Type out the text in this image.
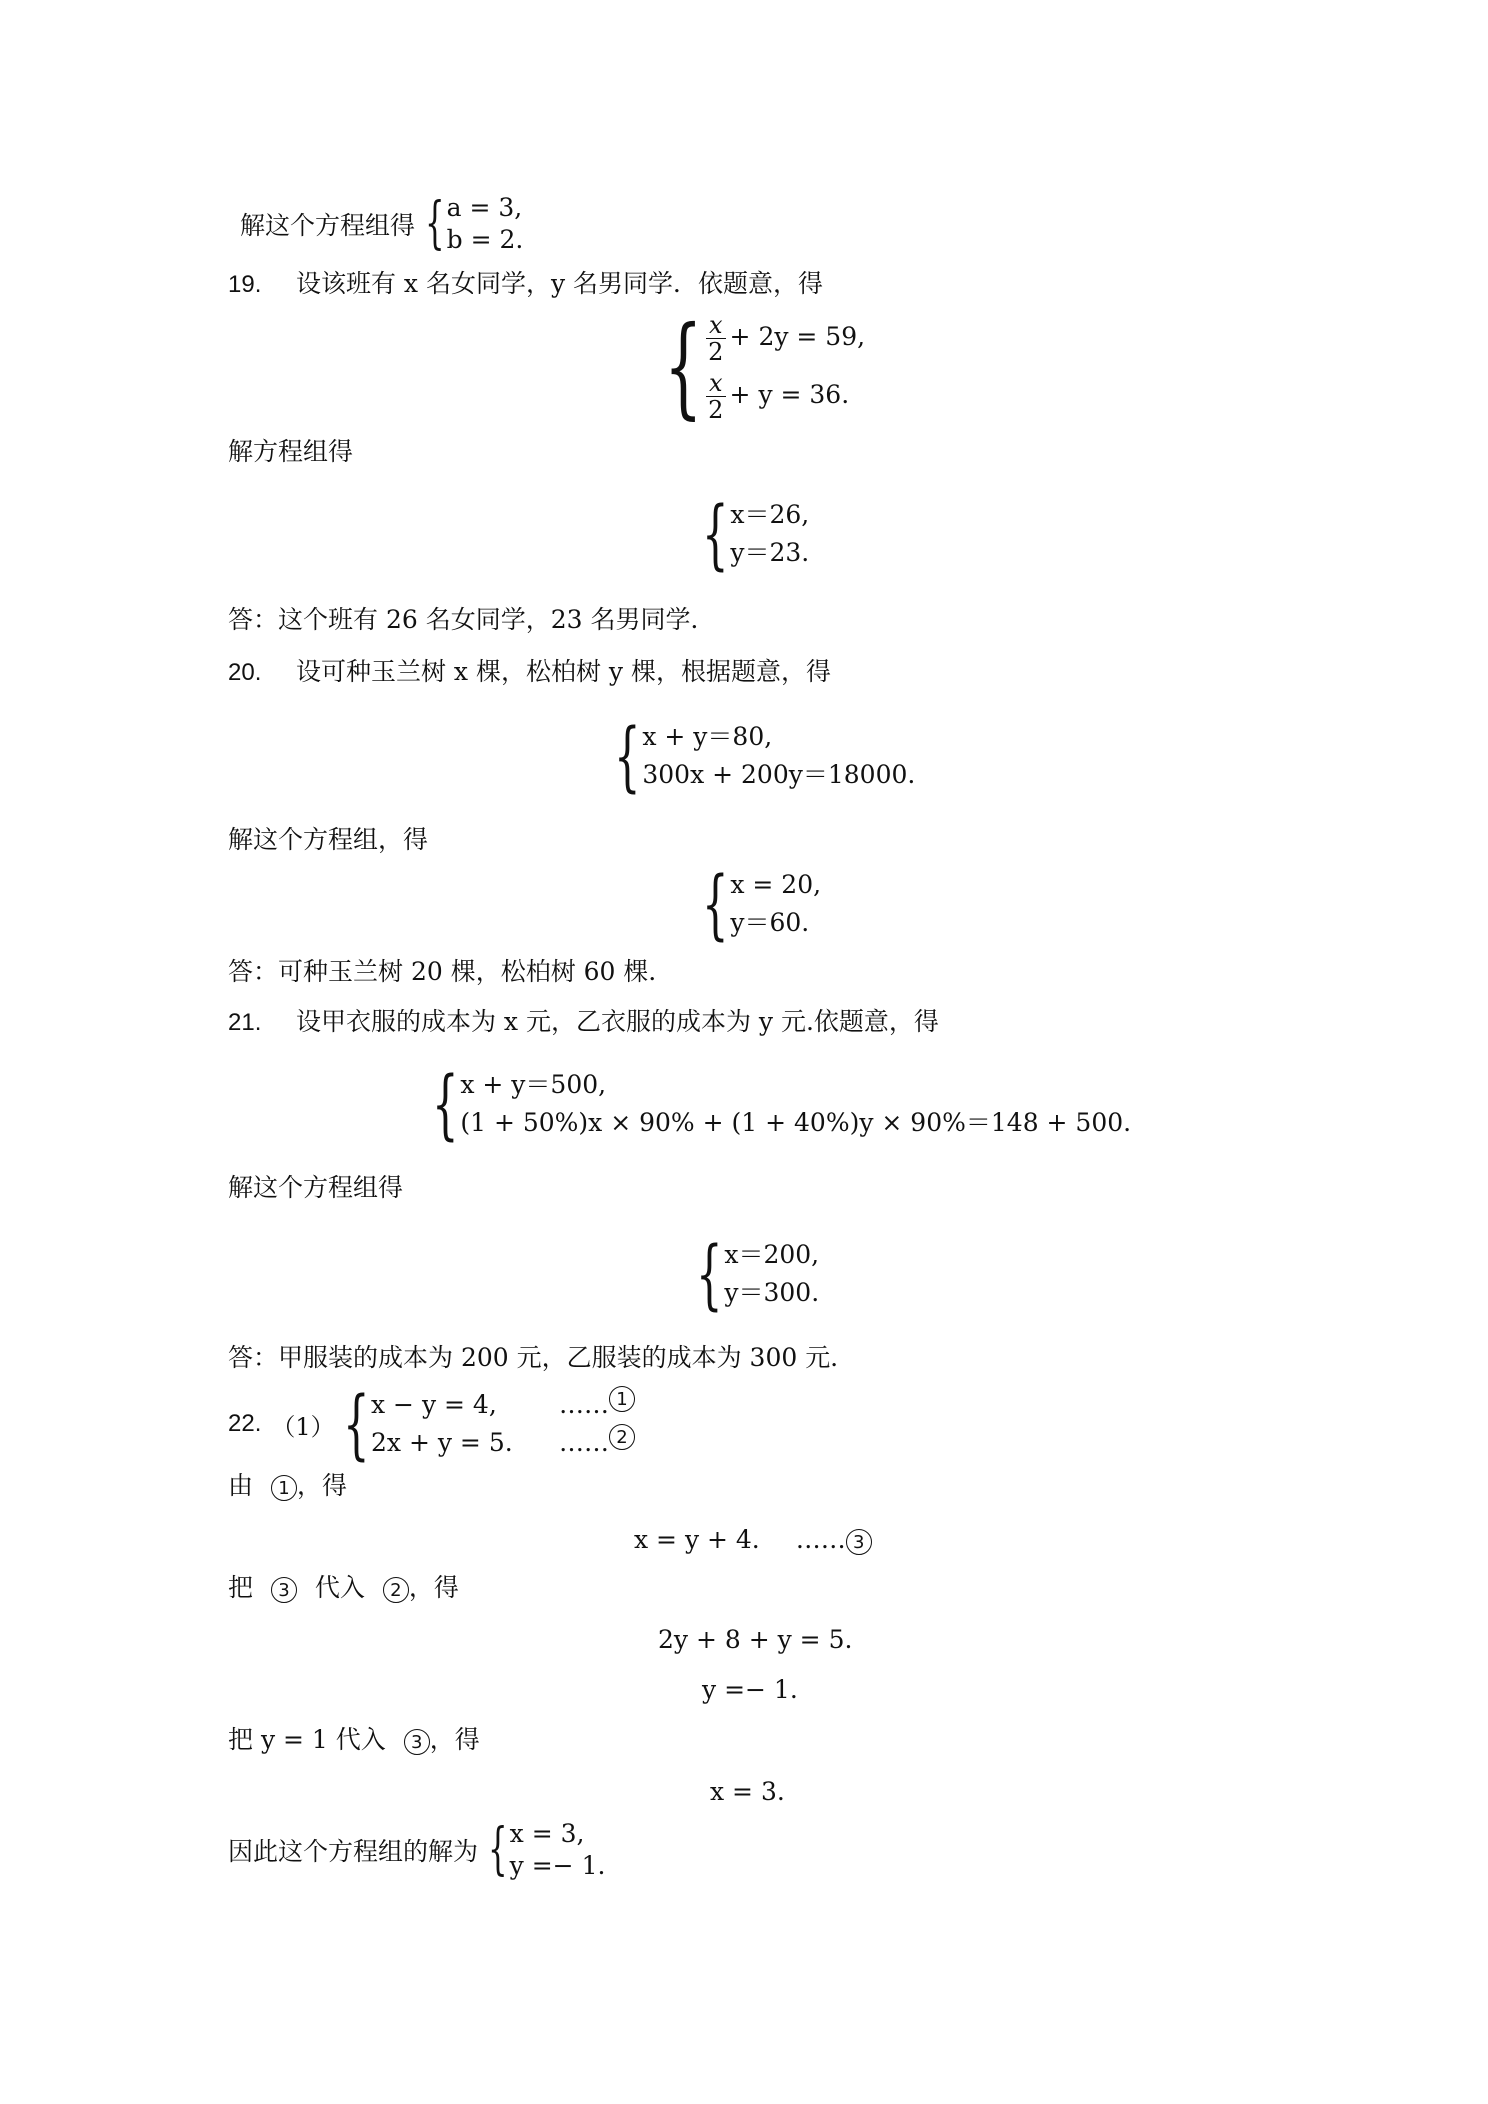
解这个方程组得 { a = 3,
b = 2.
19. 设该班有 x 名女同学，y 名男同学．依题意，得
{ $\frac{x}{2} + 2y = 59$,
$\frac{x}{2} + y = 36$.
解方程组得
{ x＝26,
y＝23.
答：这个班有 26 名女同学，23 名男同学．
20. 设可种玉兰树 x 棵，松柏树 y 棵，根据题意，得
{ x + y＝80,
300x + 200y＝18000.
解这个方程组，得
{ x = 20,
y＝60.
答：可种玉兰树 20 棵，松柏树 60 棵．
21. 设甲衣服的成本为 x 元，乙衣服的成本为 y 元.依题意，得
{ x + y＝500,
(1 + 50%)x × 90% + (1 + 40%)y × 90%＝148 + 500.
解这个方程组得
{ x＝200,
y＝300.
答：甲服装的成本为 200 元，乙服装的成本为 300 元．
22. （1） { x − y = 4,	…… 1
2x + y = 5.	…… 2
由 1 ，得
x = y + 4. …… 3
把 3 代入 2 ，得
2y + 8 + y = 5.
y =− 1.
把 y = 1 代入 3 ，得
x = 3.
因此这个方程组的解为 { x = 3,
y =− 1.
